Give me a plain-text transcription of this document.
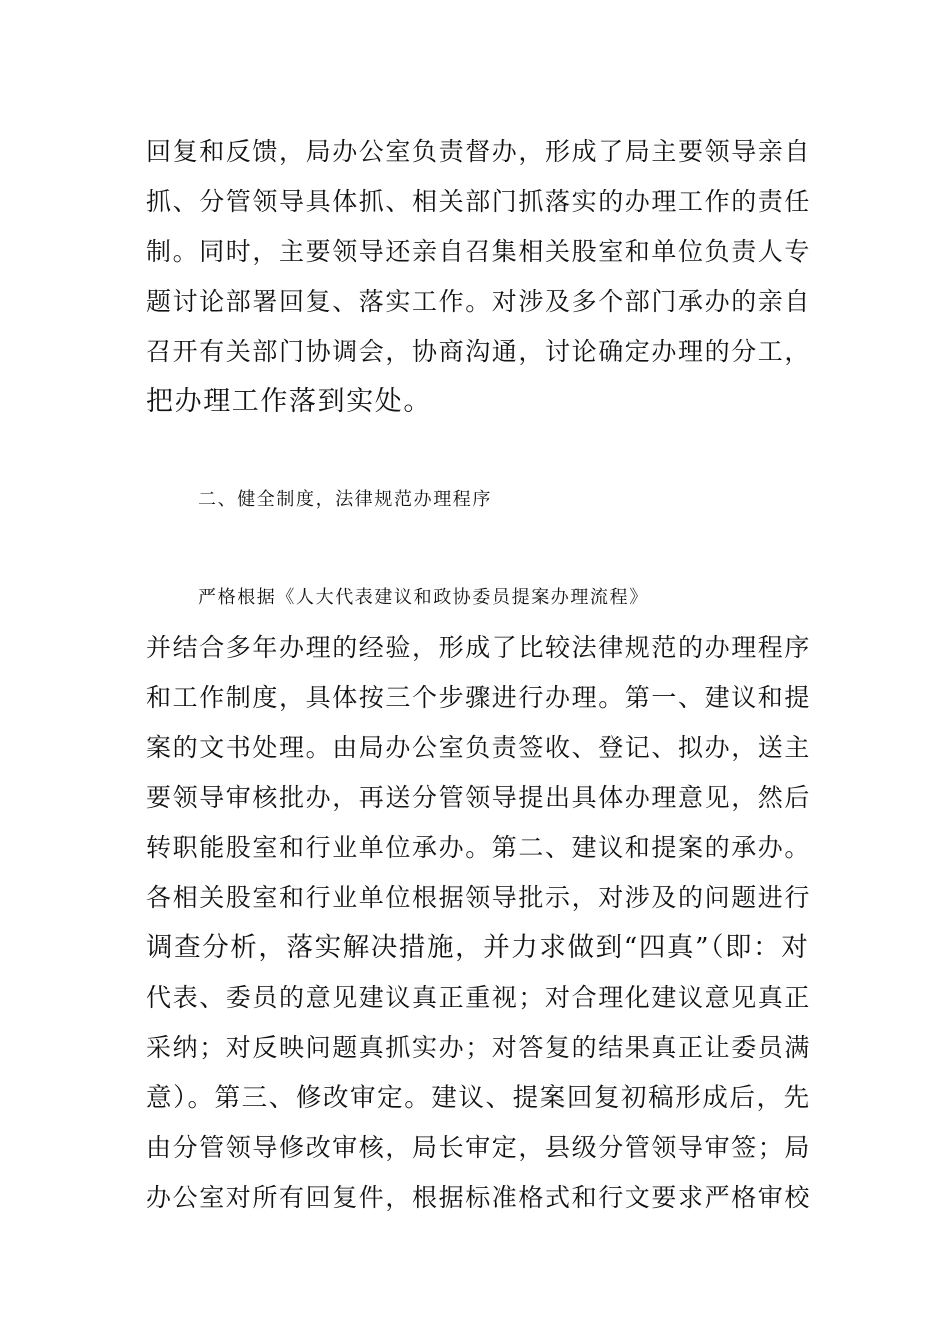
回复和反馈，局办公室负责督办，形成了局主要领导亲自
抓、分管领导具体抓、相关部门抓落实的办理工作的责任
制。同时，主要领导还亲自召集相关股室和单位负责人专
题讨论部署回复、落实工作。对涉及多个部门承办的亲自
召开有关部门协调会，协商沟通，讨论确定办理的分工，
把办理工作落到实处。
二、健全制度，法律规范办理程序
严格根据《人大代表建议和政协委员提案办理流程》
并结合多年办理的经验，形成了比较法律规范的办理程序
和工作制度，具体按三个步骤进行办理。第一、建议和提
案的文书处理。由局办公室负责签收、登记、拟办，送主
要领导审核批办，再送分管领导提出具体办理意见，然后
转职能股室和行业单位承办。第二、建议和提案的承办。
各相关股室和行业单位根据领导批示，对涉及的问题进行
调查分析，落实解决措施，并力求做到“四真”（即：对
代表、委员的意见建议真正重视；对合理化建议意见真正
采纳；对反映问题真抓实办；对答复的结果真正让委员满
意）。第三、修改审定。建议、提案回复初稿形成后，先
由分管领导修改审核，局长审定，县级分管领导审签；局
办公室对所有回复件，根据标准格式和行文要求严格审校
